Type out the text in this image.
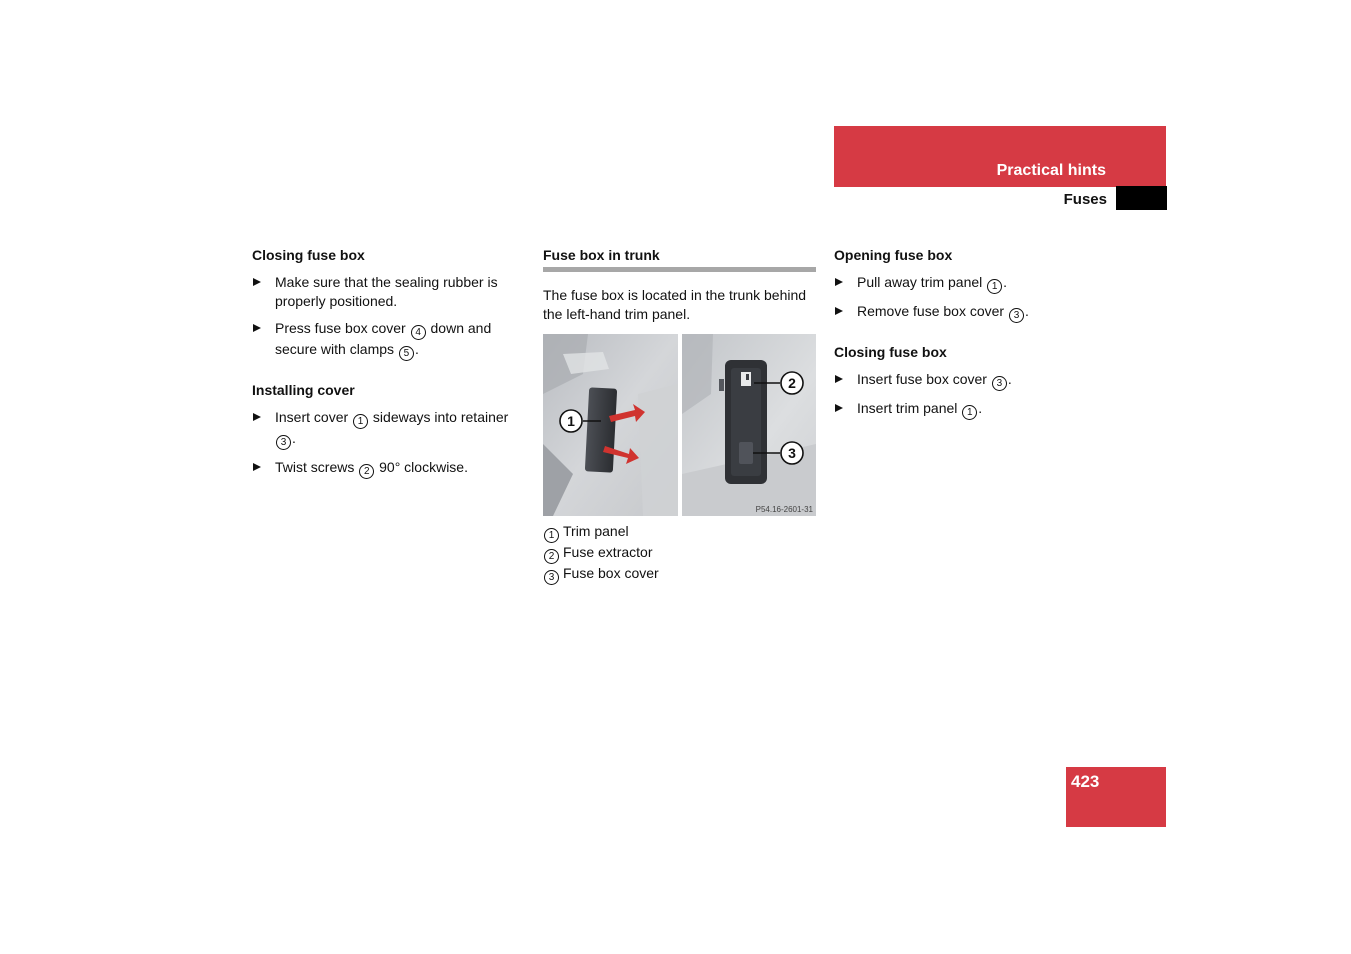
Practical hints
Fuses
Closing fuse box
Make sure that the sealing rubber is properly positioned.
Press fuse box cover 4 down and secure with clamps 5 .
Installing cover
Insert cover 1 sideways into retainer 3 .
Twist screws 2 90° clockwise.
Fuse box in trunk
The fuse box is located in the trunk behind the left-hand trim panel.
1
2
3
P54.16-2601-31
1 Trim panel
2 Fuse extractor
3 Fuse box cover
Opening fuse box
Pull away trim panel 1 .
Remove fuse box cover 3 .
Closing fuse box
Insert fuse box cover 3 .
Insert trim panel 1 .
423
